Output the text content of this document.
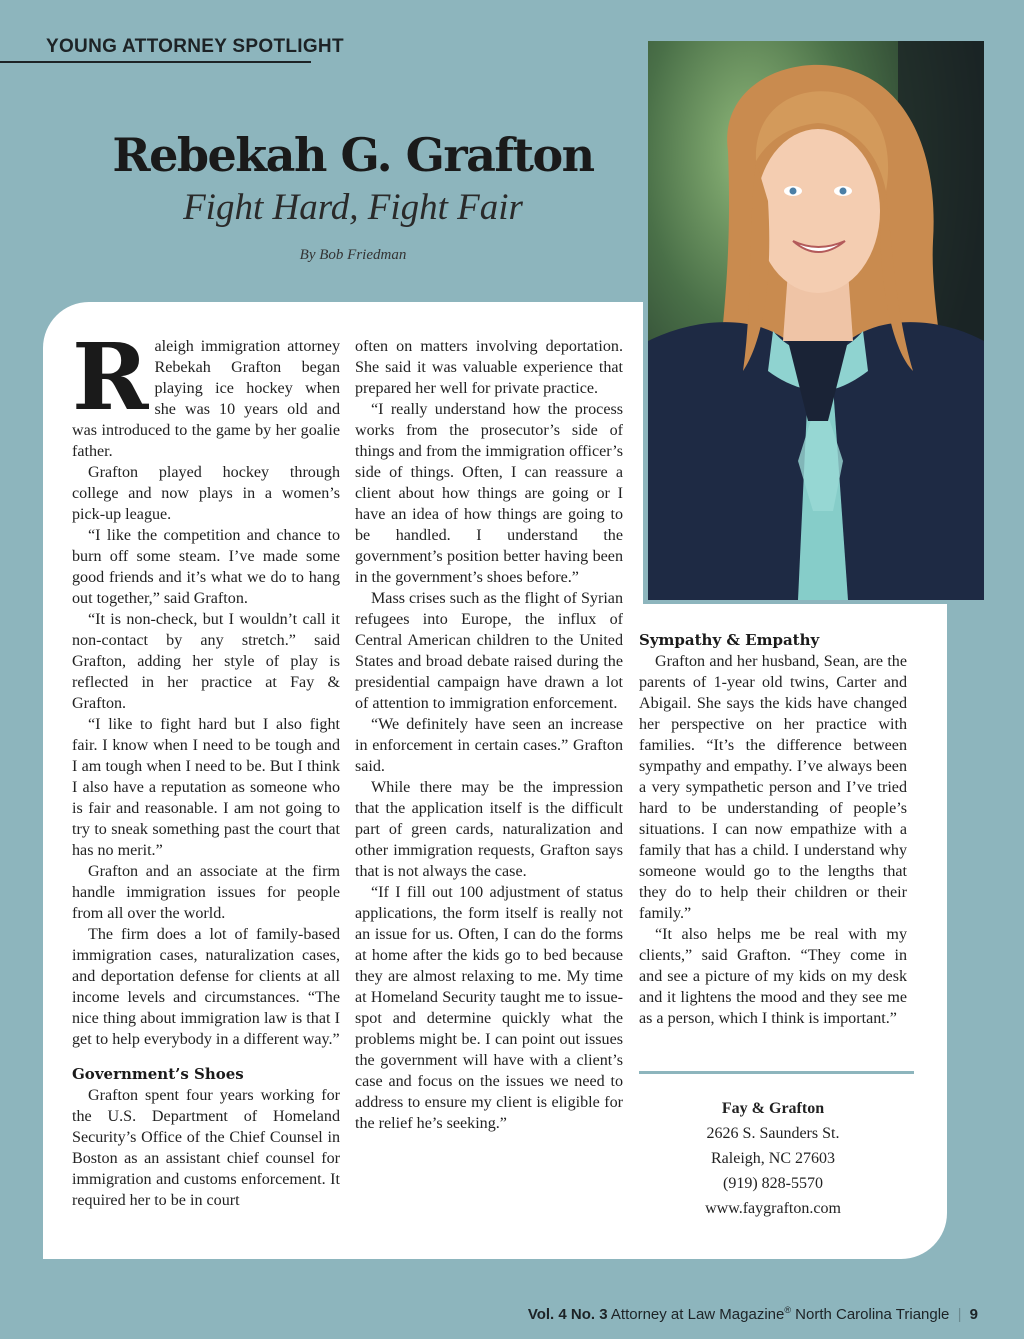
YOUNG ATTORNEY SPOTLIGHT
Rebekah G. Grafton
Fight Hard, Fight Fair
By Bob Friedman

Raleigh immigration attorney Rebekah Grafton began playing ice hockey when she was 10 years old and was introduced to the game by her goalie father.

Grafton played hockey through college and now plays in a women’s pick-up league.

“I like the competition and chance to burn off some steam. I’ve made some good friends and it’s what we do to hang out together,” said Grafton.

“It is non-check, but I wouldn’t call it non-contact by any stretch.” said Grafton, adding her style of play is reflected in her practice at Fay & Grafton.

“I like to fight hard but I also fight fair. I know when I need to be tough and I am tough when I need to be. But I think I also have a reputation as someone who is fair and reasonable. I am not going to try to sneak something past the court that has no merit.”

Grafton and an associate at the firm handle immigration issues for people from all over the world.

The firm does a lot of family-based immigration cases, naturalization cases, and deportation defense for clients at all income levels and circumstances. “The nice thing about immigration law is that I get to help everybody in a different way.”

Government’s Shoes

Grafton spent four years working for the U.S. Department of Homeland Security’s Office of the Chief Counsel in Boston as an assistant chief counsel for immigration and customs enforcement. It required her to be in court

often on matters involving deportation. She said it was valuable experience that prepared her well for private practice.

“I really understand how the process works from the prosecutor’s side of things and from the immigration officer’s side of things. Often, I can reassure a client about how things are going or I have an idea of how things are going to be handled. I understand the government’s position better having been in the government’s shoes before.”

Mass crises such as the flight of Syrian refugees into Europe, the influx of Central American children to the United States and broad debate raised during the presidential campaign have drawn a lot of attention to immigration enforcement.

“We definitely have seen an increase in enforcement in certain cases.” Grafton said.

While there may be the impression that the application itself is the difficult part of green cards, naturalization and other immigration requests, Grafton says that is not always the case.

“If I fill out 100 adjustment of status applications, the form itself is really not an issue for us. Often, I can do the forms at home after the kids go to bed because they are almost relaxing to me. My time at Homeland Security taught me to issue-spot and determine quickly what the problems might be. I can point out issues the government will have with a client’s case and focus on the issues we need to address to ensure my client is eligible for the relief he’s seeking.”

Sympathy & Empathy

Grafton and her husband, Sean, are the parents of 1-year old twins, Carter and Abigail. She says the kids have changed her perspective on her practice with families. “It’s the difference between sympathy and empathy. I’ve always been a very sympathetic person and I’ve tried hard to be understanding of people’s situations. I can now empathize with a family that has a child. I understand why someone would go to the lengths that they do to help their children or their family.”

“It also helps me be real with my clients,” said Grafton. “They come in and see a picture of my kids on my desk and it lightens the mood and they see me as a person, which I think is important.”

Fay & Grafton
2626 S. Saunders St.
Raleigh, NC 27603
(919) 828-5570
www.faygrafton.com
Vol. 4 No. 3 Attorney at Law Magazine® North Carolina Triangle | 9
